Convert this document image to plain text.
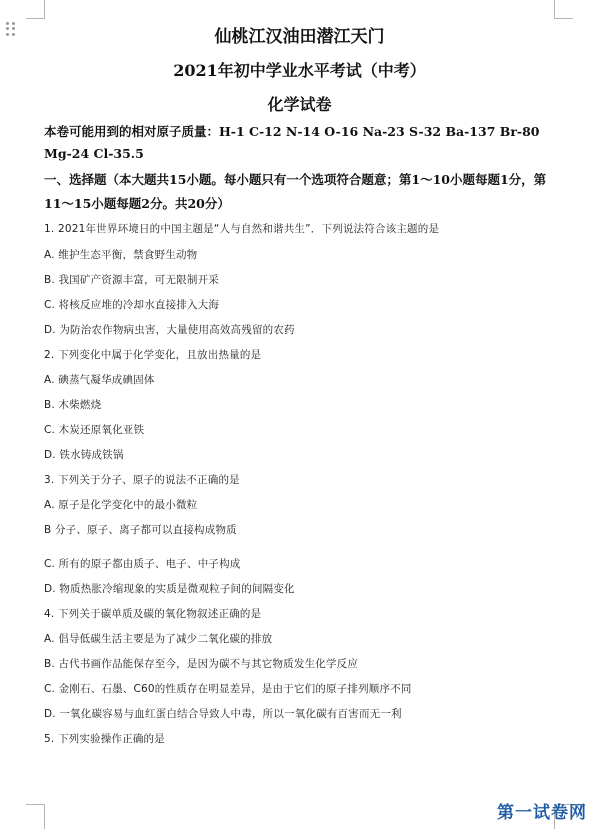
仙桃江汉油田潜江天门
2021年初中学业水平考试（中考）
化学试卷
本卷可能用到的相对原子质量：H-1 C-12 N-14 O-16 Na-23 S-32 Ba-137 Br-80
Mg-24 Cl-35.5
一、选择题（本大题共15小题。每小题只有一个选项符合题意；第1～10小题每题1分，第
11～15小题每题2分。共20分）
1. 2021年世界环境日的中国主题是“人与自然和谐共生”．下列说法符合该主题的是
A. 维护生态平衡，禁食野生动物
B. 我国矿产资源丰富，可无限制开采
C. 将核反应堆的冷却水直接排入大海
D. 为防治农作物病虫害，大量使用高效高残留的农药
2. 下列变化中属于化学变化，且放出热量的是
A. 碘蒸气凝华成碘固体
B. 木柴燃烧
C. 木炭还原氧化亚铁
D. 铁水铸成铁锅
3. 下列关于分子、原子的说法不正确的是
A. 原子是化学变化中的最小微粒
B 分子、原子、离子都可以直接构成物质
C. 所有的原子都由质子、电子、中子构成
D. 物质热胀冷缩现象的实质是微观粒子间的间隔变化
4. 下列关于碳单质及碳的氧化物叙述正确的是
A. 倡导低碳生活主要是为了减少二氧化碳的排放
B. 古代书画作品能保存至今，是因为碳不与其它物质发生化学反应
C. 金刚石、石墨、C60的性质存在明显差异，是由于它们的原子排列顺序不同
D. 一氧化碳容易与血红蛋白结合导致人中毒，所以一氧化碳有百害而无一利
5. 下列实验操作正确的是
第一试卷网
